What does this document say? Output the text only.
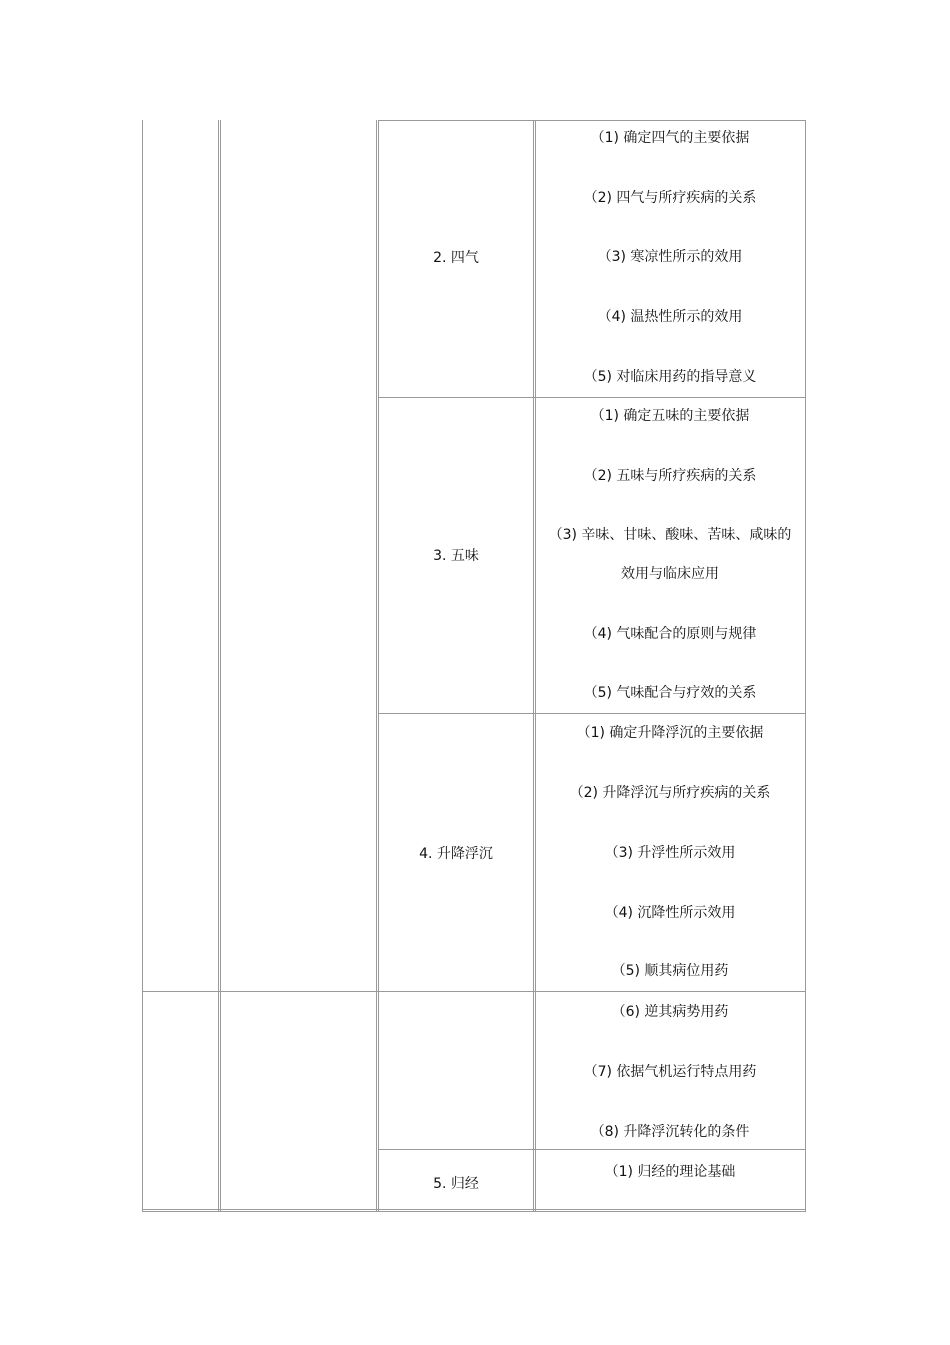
2. 四气
3. 五味
4. 升降浮沉
5. 归经
（1) 确定四气的主要依据
（2) 四气与所疗疾病的关系
（3) 寒凉性所示的效用
（4) 温热性所示的效用
（5) 对临床用药的指导意义
（1) 确定五味的主要依据
（2) 五味与所疗疾病的关系
（3) 辛味、甘味、酸味、苦味、咸味的效用与临床应用
（4) 气味配合的原则与规律
（5) 气味配合与疗效的关系
（1) 确定升降浮沉的主要依据
（2) 升降浮沉与所疗疾病的关系
（3) 升浮性所示效用
（4) 沉降性所示效用
（5) 顺其病位用药
（6) 逆其病势用药
（7) 依据气机运行特点用药
（8) 升降浮沉转化的条件
（1) 归经的理论基础
